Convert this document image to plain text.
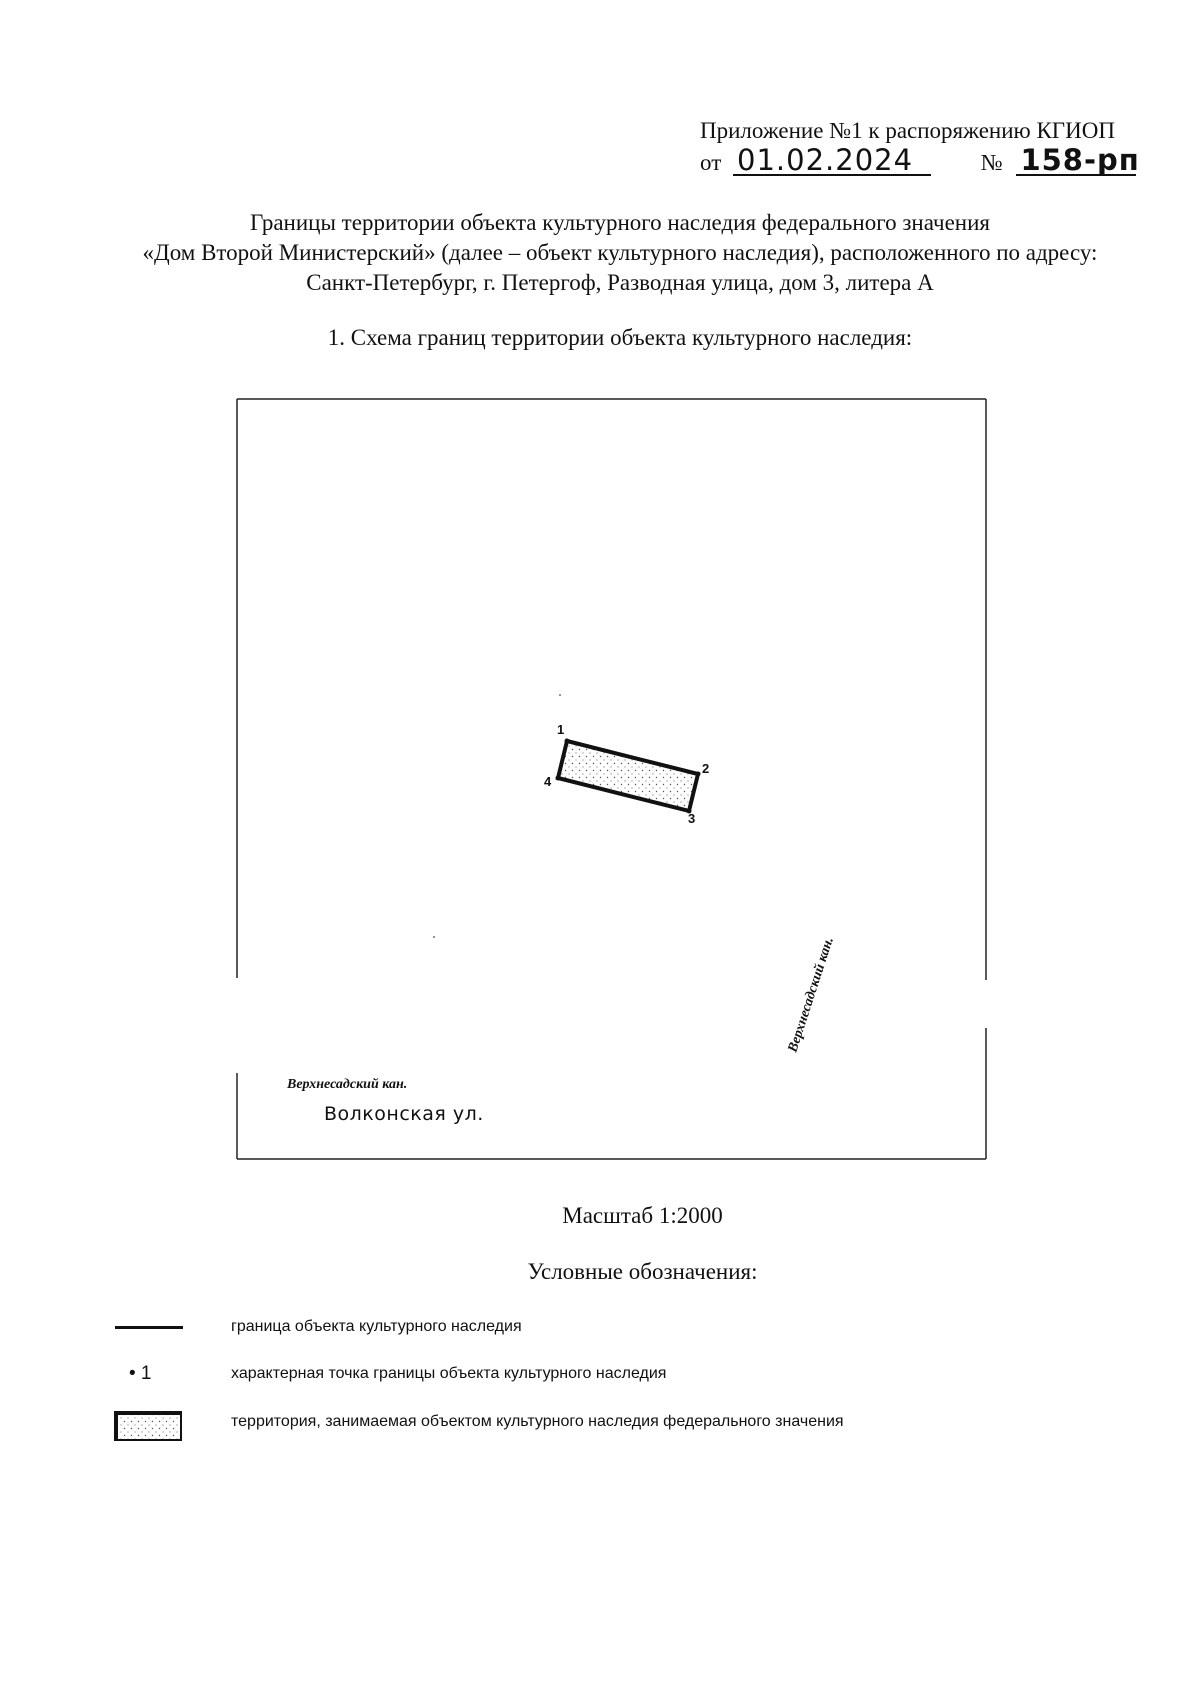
Приложение №1 к распоряжению КГИОП
от 01.02.2024	№ 158-рп
Границы территории объекта культурного наследия федерального значения
«Дом Второй Министерский» (далее – объект культурного наследия), расположенного по адресу:
Санкт-Петербург, г. Петергоф, Разводная улица, дом 3, литера А
1. Схема границ территории объекта культурного наследия:
1
2
3
4
Верхнесадский кан.
Волконская ул.
Верхнесадский кан.
Масштаб 1:2000
Условные обозначения:
граница объекта культурного наследия
• 1	характерная точка границы объекта культурного наследия
территория, занимаемая объектом культурного наследия федерального значения
